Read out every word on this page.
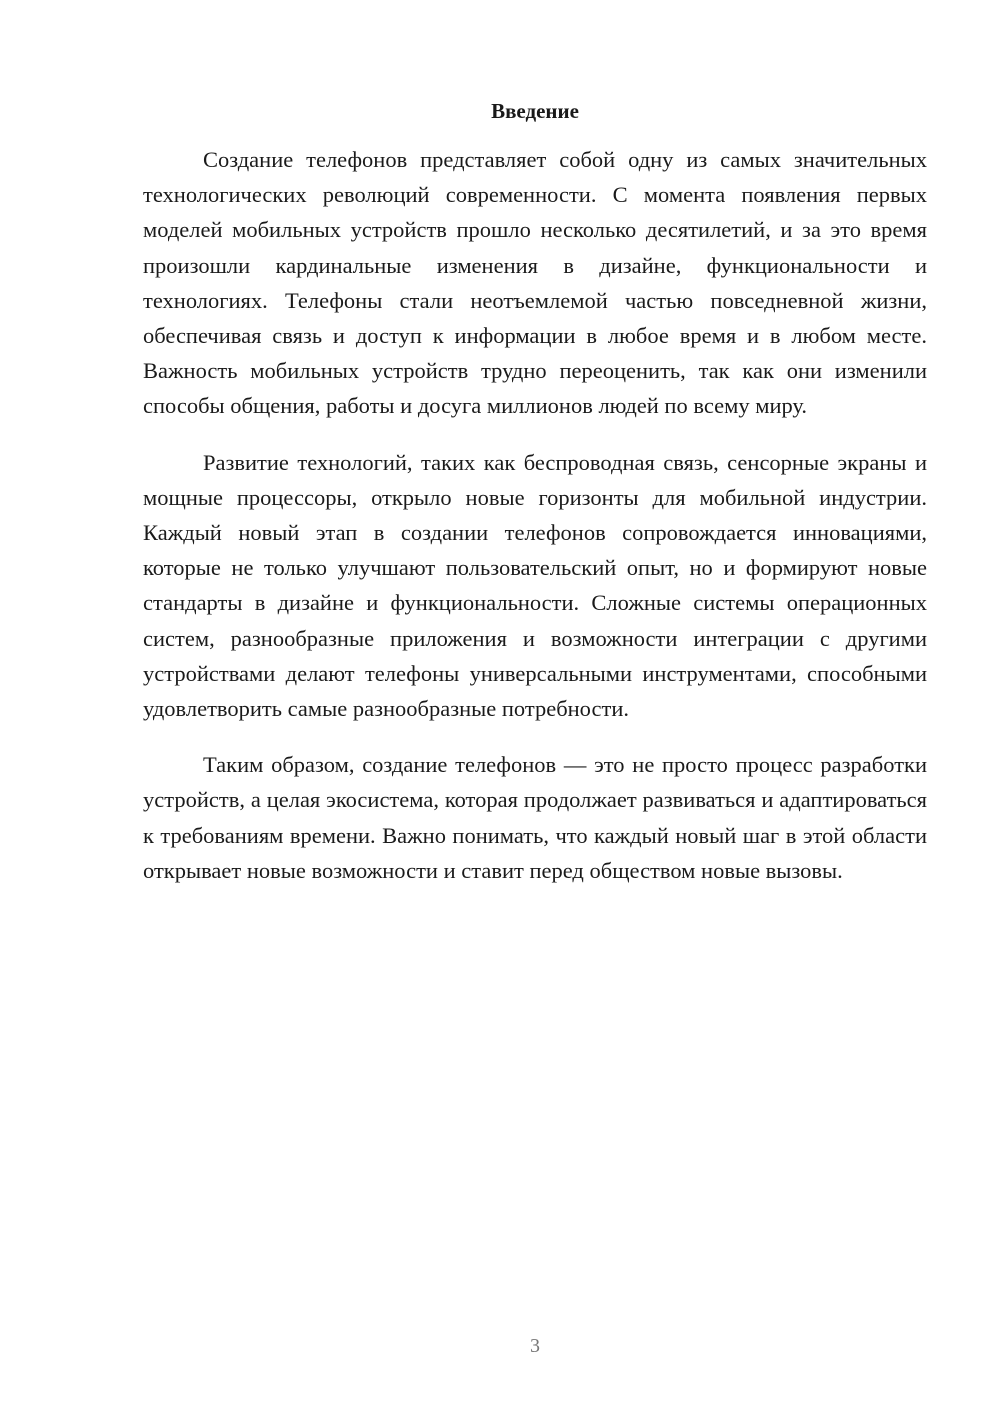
Введение

Создание телефонов представляет собой одну из самых значительных технологических революций современности. С момента появления первых моделей мобильных устройств прошло несколько десятилетий, и за это время произошли кардинальные изменения в дизайне, функциональности и технологиях. Телефоны стали неотъемлемой частью повседневной жизни, обеспечивая связь и доступ к информации в любое время и в любом месте. Важность мобильных устройств трудно переоценить, так как они изменили способы общения, работы и досуга миллионов людей по всему миру.

Развитие технологий, таких как беспроводная связь, сенсорные экраны и мощные процессоры, открыло новые горизонты для мобильной индустрии. Каждый новый этап в создании телефонов сопровождается инновациями, которые не только улучшают пользовательский опыт, но и формируют новые стандарты в дизайне и функциональности. Сложные системы операционных систем, разнообразные приложения и возможности интеграции с другими устройствами делают телефоны универсальными инструментами, способными удовлетворить самые разнообразные потребности.

Таким образом, создание телефонов — это не просто процесс разработки устройств, а целая экосистема, которая продолжает развиваться и адаптироваться к требованиям времени. Важно понимать, что каждый новый шаг в этой области открывает новые возможности и ставит перед обществом новые вызовы.

3
